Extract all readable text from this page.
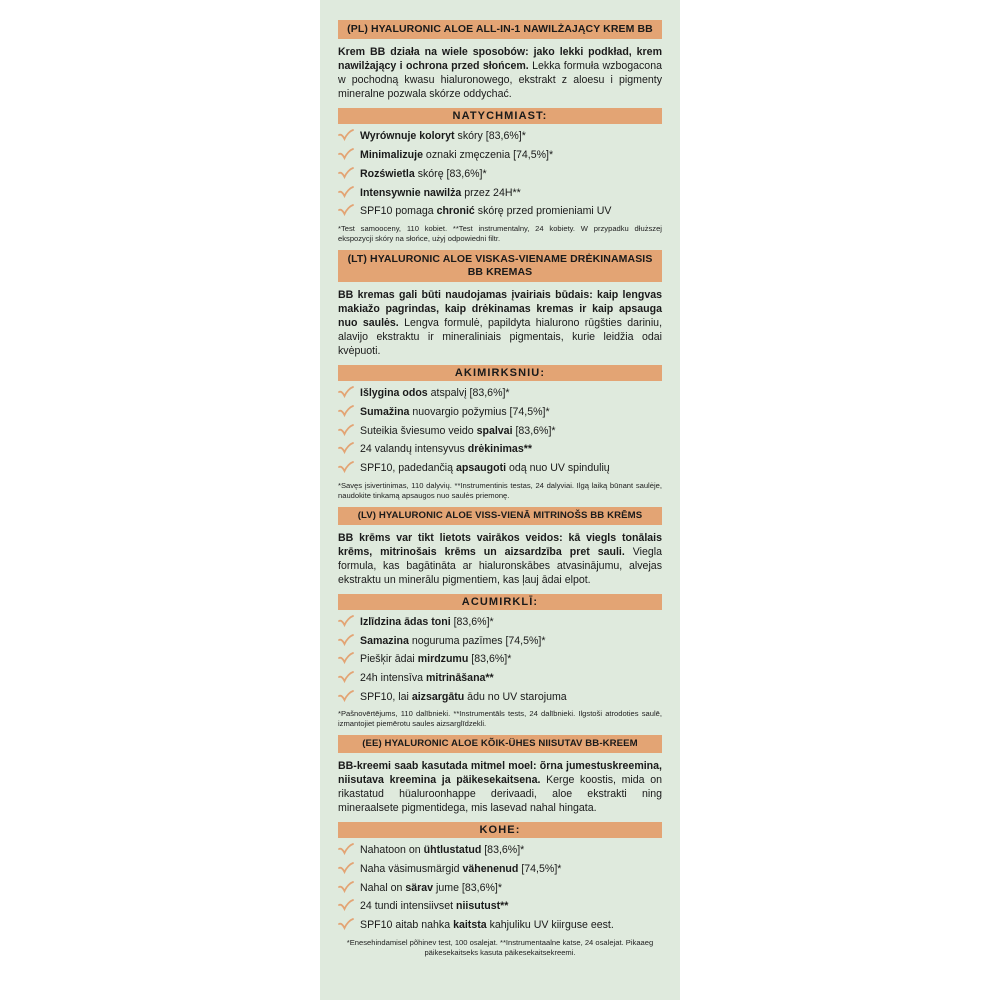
(PL) HYALURONIC ALOE ALL-IN-1 NAWILŻAJĄCY KREM BB

Krem BB działa na wiele sposobów: jako lekki podkład, krem nawilżający i ochrona przed słońcem. Lekka formuła wzbogacona w pochodną kwasu hialuronowego, ekstrakt z aloesu i pigmenty mineralne pozwala skórze oddychać.

NATYCHMIAST:
Wyrównuje koloryt skóry [83,6%]*
Minimalizuje oznaki zmęczenia [74,5%]*
Rozświetla skórę [83,6%]*
Intensywnie nawilża przez 24H**
SPF10 pomaga chronić skórę przed promieniami UV

*Test samooceny, 110 kobiet. **Test instrumentalny, 24 kobiety. W przypadku dłuższej ekspozycji skóry na słońce, użyj odpowiedni filtr.

(LT) HYALURONIC ALOE VISKAS-VIENAME DRĖKINAMASIS BB KREMAS

BB kremas gali būti naudojamas įvairiais būdais: kaip lengvas makiažo pagrindas, kaip drėkinamas kremas ir kaip apsauga nuo saulės. Lengva formulė, papildyta hialurono rūgšties dariniu, alavijo ekstraktu ir mineraliniais pigmentais, kurie leidžia odai kvėpuoti.

AKIMIRKSNIU:
Išlygina odos atspalvį [83,6%]*
Sumažina nuovargio požymius [74,5%]*
Suteikia šviesumo veido spalvai [83,6%]*
24 valandų intensyvus drėkinimas**
SPF10, padedančią apsaugoti odą nuo UV spindulių

*Savęs įsivertinimas, 110 dalyvių. **Instrumentinis testas, 24 dalyviai. Ilgą laiką būnant saulėje, naudokite tinkamą apsaugos nuo saulės priemonę.

(LV) HYALURONIC ALOE VISS-VIENĀ MITRINOŠS BB KRĒMS

BB krēms var tikt lietots vairākos veidos: kā viegls tonālais krēms, mitrinošais krēms un aizsardzība pret sauli. Viegla formula, kas bagātināta ar hialuronskābes atvasinājumu, alvejas ekstraktu un minerālu pigmentiem, kas ļauj ādai elpot.

ACUMIRKLĪ:
Izlīdzina ādas toni [83,6%]*
Samazina noguruma pazīmes [74,5%]*
Piešķir ādai mirdzumu [83,6%]*
24h intensīva mitrināšana**
SPF10, lai aizsargātu ādu no UV starojuma

*Pašnovērtējums, 110 dalībnieki. **Instrumentāls tests, 24 dalībnieki. Ilgstoši atrodoties saulē, izmantojiet piemērotu saules aizsarglīdzekli.

(EE) HYALURONIC ALOE KÕIK-ÜHES NIISUTAV BB-KREEM

BB-kreemi saab kasutada mitmel moel: õrna jumestuskreemina, niisutava kreemina ja päikesekaitsena. Kerge koostis, mida on rikastatud hüaluroonhappe derivaadi, aloe ekstrakti ning mineraalsete pigmentidega, mis lasevad nahal hingata.

KOHE:
Nahatoon on ühtlustatud [83,6%]*
Naha väsimusmärgid vähenenud [74,5%]*
Nahal on särav jume [83,6%]*
24 tundi intensiivset niisutust**
SPF10 aitab nahka kaitsta kahjuliku UV kiirguse eest.

*Enesehindamisel põhinev test, 100 osalejat. **Instrumentaalne katse, 24 osalejat. Pikaaeg päikesekaitseks kasuta päikesekaitsekreemi.
